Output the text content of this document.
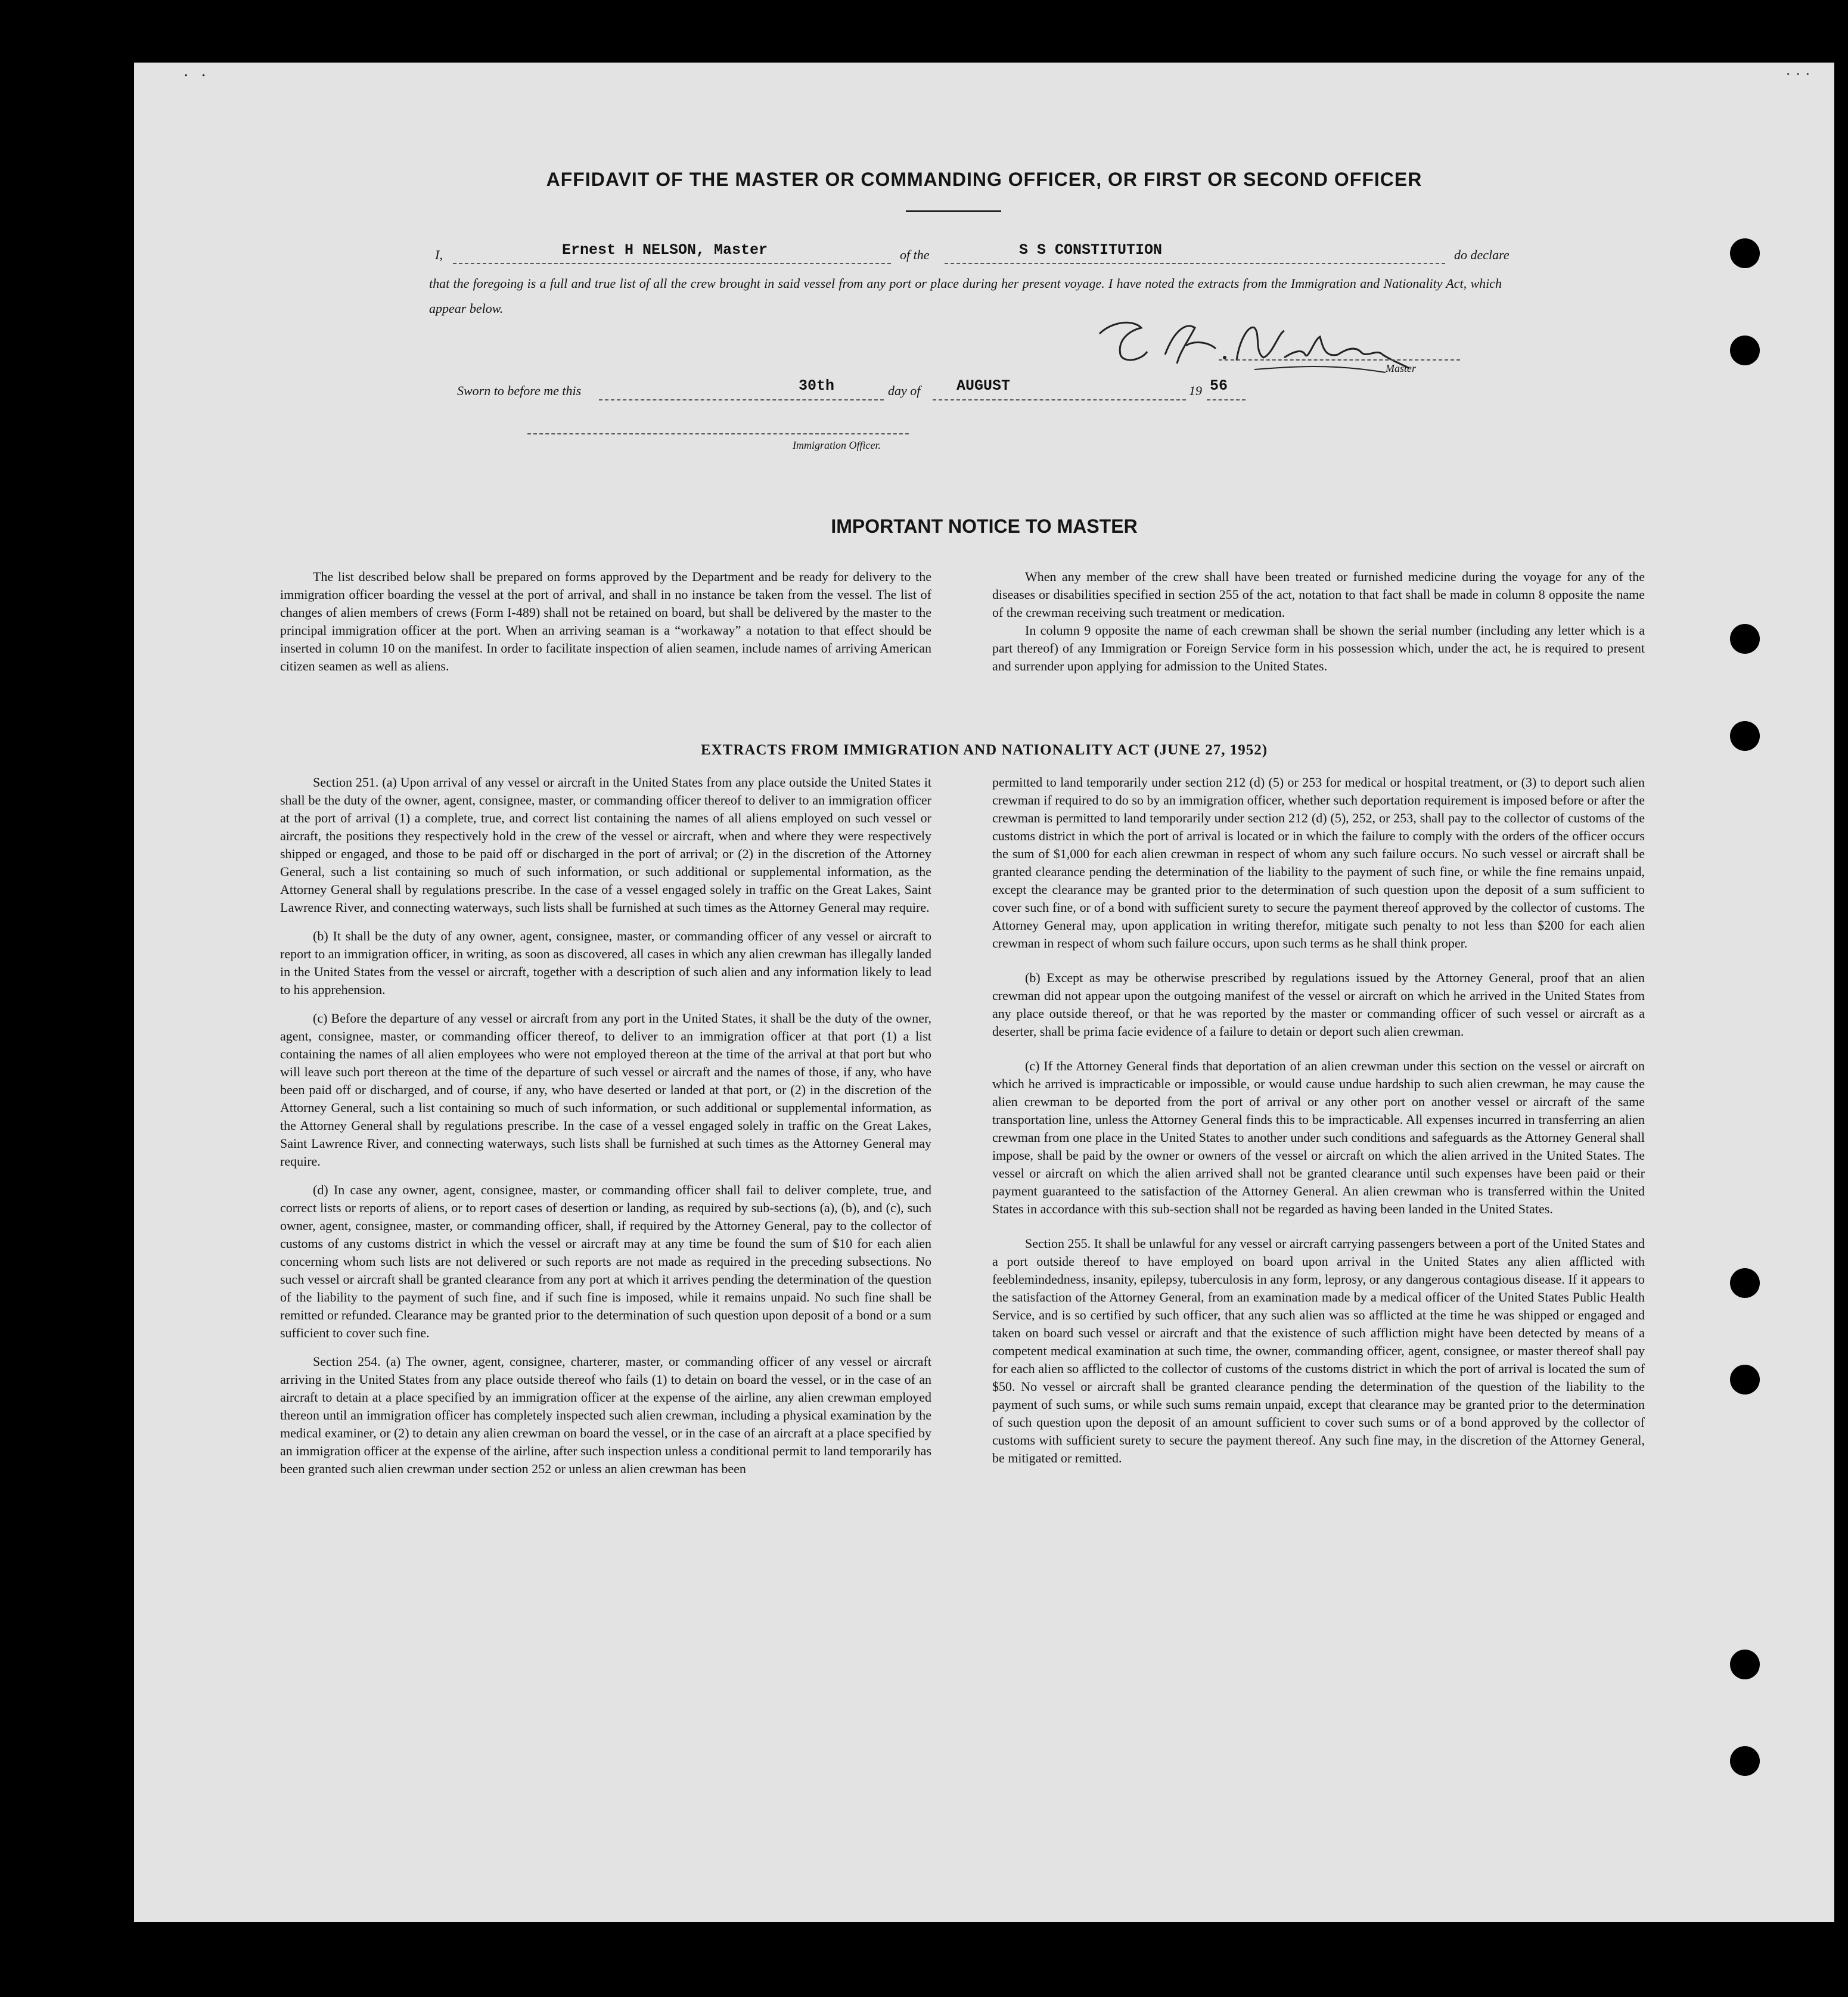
· ·	· · ·
AFFIDAVIT OF THE MASTER OR COMMANDING OFFICER, OR FIRST OR SECOND OFFICER
I,	Ernest H NELSON, Master	of the	S S CONSTITUTION	do declare
that the foregoing is a full and true list of all the crew brought in said vessel from any port or place during her present voyage. I have noted the extracts from the Immigration and Nationality Act, which appear below.
Master
Sworn to before me this	30th	day of AUGUST	19 56
Immigration Officer.
IMPORTANT NOTICE TO MASTER

The list described below shall be prepared on forms approved by the Department and be ready for delivery to the immigration officer boarding the vessel at the port of arrival, and shall in no instance be taken from the vessel. The list of changes of alien members of crews (Form I-489) shall not be retained on board, but shall be delivered by the master to the principal immigration officer at the port. When an arriving seaman is a “workaway” a notation to that effect should be inserted in column 10 on the manifest. In order to facilitate inspection of alien seamen, include names of arriving American citizen seamen as well as aliens.

When any member of the crew shall have been treated or furnished medicine during the voyage for any of the diseases or disabilities specified in section 255 of the act, notation to that fact shall be made in column 8 opposite the name of the crewman receiving such treatment or medication.

In column 9 opposite the name of each crewman shall be shown the serial number (including any letter which is a part thereof) of any Immigration or Foreign Service form in his possession which, under the act, he is required to present and surrender upon applying for admission to the United States.

EXTRACTS FROM IMMIGRATION AND NATIONALITY ACT (JUNE 27, 1952)

Section 251. (a) Upon arrival of any vessel or aircraft in the United States from any place outside the United States it shall be the duty of the owner, agent, consignee, master, or commanding officer thereof to deliver to an immigration officer at the port of arrival (1) a complete, true, and correct list containing the names of all aliens employed on such vessel or aircraft, the positions they respectively hold in the crew of the vessel or aircraft, when and where they were respectively shipped or engaged, and those to be paid off or discharged in the port of arrival; or (2) in the discretion of the Attorney General, such a list containing so much of such information, or such additional or supplemental information, as the Attorney General shall by regulations prescribe. In the case of a vessel engaged solely in traffic on the Great Lakes, Saint Lawrence River, and connecting waterways, such lists shall be furnished at such times as the Attorney General may require.

(b) It shall be the duty of any owner, agent, consignee, master, or commanding officer of any vessel or aircraft to report to an immigration officer, in writing, as soon as discovered, all cases in which any alien crewman has illegally landed in the United States from the vessel or aircraft, together with a description of such alien and any information likely to lead to his apprehension.

(c) Before the departure of any vessel or aircraft from any port in the United States, it shall be the duty of the owner, agent, consignee, master, or commanding officer thereof, to deliver to an immigration officer at that port (1) a list containing the names of all alien employees who were not employed thereon at the time of the arrival at that port but who will leave such port thereon at the time of the departure of such vessel or aircraft and the names of those, if any, who have been paid off or discharged, and of course, if any, who have deserted or landed at that port, or (2) in the discretion of the Attorney General, such a list containing so much of such information, or such additional or supplemental information, as the Attorney General shall by regulations prescribe. In the case of a vessel engaged solely in traffic on the Great Lakes, Saint Lawrence River, and connecting waterways, such lists shall be furnished at such times as the Attorney General may require.

(d) In case any owner, agent, consignee, master, or commanding officer shall fail to deliver complete, true, and correct lists or reports of aliens, or to report cases of desertion or landing, as required by sub-sections (a), (b), and (c), such owner, agent, consignee, master, or commanding officer, shall, if required by the Attorney General, pay to the collector of customs of any customs district in which the vessel or aircraft may at any time be found the sum of $10 for each alien concerning whom such lists are not delivered or such reports are not made as required in the preceding subsections. No such vessel or aircraft shall be granted clearance from any port at which it arrives pending the determination of the question of the liability to the payment of such fine, and if such fine is imposed, while it remains unpaid. No such fine shall be remitted or refunded. Clearance may be granted prior to the determination of such question upon deposit of a bond or a sum sufficient to cover such fine.

Section 254. (a) The owner, agent, consignee, charterer, master, or commanding officer of any vessel or aircraft arriving in the United States from any place outside thereof who fails (1) to detain on board the vessel, or in the case of an aircraft to detain at a place specified by an immigration officer at the expense of the airline, any alien crewman employed thereon until an immigration officer has completely inspected such alien crewman, including a physical examination by the medical examiner, or (2) to detain any alien crewman on board the vessel, or in the case of an aircraft at a place specified by an immigration officer at the expense of the airline, after such inspection unless a conditional permit to land temporarily has been granted such alien crewman under section 252 or unless an alien crewman has been

permitted to land temporarily under section 212 (d) (5) or 253 for medical or hospital treatment, or (3) to deport such alien crewman if required to do so by an immigration officer, whether such deportation requirement is imposed before or after the crewman is permitted to land temporarily under section 212 (d) (5), 252, or 253, shall pay to the collector of customs of the customs district in which the port of arrival is located or in which the failure to comply with the orders of the officer occurs the sum of $1,000 for each alien crewman in respect of whom any such failure occurs. No such vessel or aircraft shall be granted clearance pending the determination of the liability to the payment of such fine, or while the fine remains unpaid, except the clearance may be granted prior to the determination of such question upon the deposit of a sum sufficient to cover such fine, or of a bond with sufficient surety to secure the payment thereof approved by the collector of customs. The Attorney General may, upon application in writing therefor, mitigate such penalty to not less than $200 for each alien crewman in respect of whom such failure occurs, upon such terms as he shall think proper.

(b) Except as may be otherwise prescribed by regulations issued by the Attorney General, proof that an alien crewman did not appear upon the outgoing manifest of the vessel or aircraft on which he arrived in the United States from any place outside thereof, or that he was reported by the master or commanding officer of such vessel or aircraft as a deserter, shall be prima facie evidence of a failure to detain or deport such alien crewman.

(c) If the Attorney General finds that deportation of an alien crewman under this section on the vessel or aircraft on which he arrived is impracticable or impossible, or would cause undue hardship to such alien crewman, he may cause the alien crewman to be deported from the port of arrival or any other port on another vessel or aircraft of the same transportation line, unless the Attorney General finds this to be impracticable. All expenses incurred in transferring an alien crewman from one place in the United States to another under such conditions and safeguards as the Attorney General shall impose, shall be paid by the owner or owners of the vessel or aircraft on which the alien arrived in the United States. The vessel or aircraft on which the alien arrived shall not be granted clearance until such expenses have been paid or their payment guaranteed to the satisfaction of the Attorney General. An alien crewman who is transferred within the United States in accordance with this sub-section shall not be regarded as having been landed in the United States.

Section 255. It shall be unlawful for any vessel or aircraft carrying passengers between a port of the United States and a port outside thereof to have employed on board upon arrival in the United States any alien afflicted with feeblemindedness, insanity, epilepsy, tuberculosis in any form, leprosy, or any dangerous contagious disease. If it appears to the satisfaction of the Attorney General, from an examination made by a medical officer of the United States Public Health Service, and is so certified by such officer, that any such alien was so afflicted at the time he was shipped or engaged and taken on board such vessel or aircraft and that the existence of such affliction might have been detected by means of a competent medical examination at such time, the owner, commanding officer, agent, consignee, or master thereof shall pay for each alien so afflicted to the collector of customs of the customs district in which the port of arrival is located the sum of $50. No vessel or aircraft shall be granted clearance pending the determination of the question of the liability to the payment of such sums, or while such sums remain unpaid, except that clearance may be granted prior to the determination of such question upon the deposit of an amount sufficient to cover such sums or of a bond approved by the collector of customs with sufficient surety to secure the payment thereof. Any such fine may, in the discretion of the Attorney General, be mitigated or remitted.
